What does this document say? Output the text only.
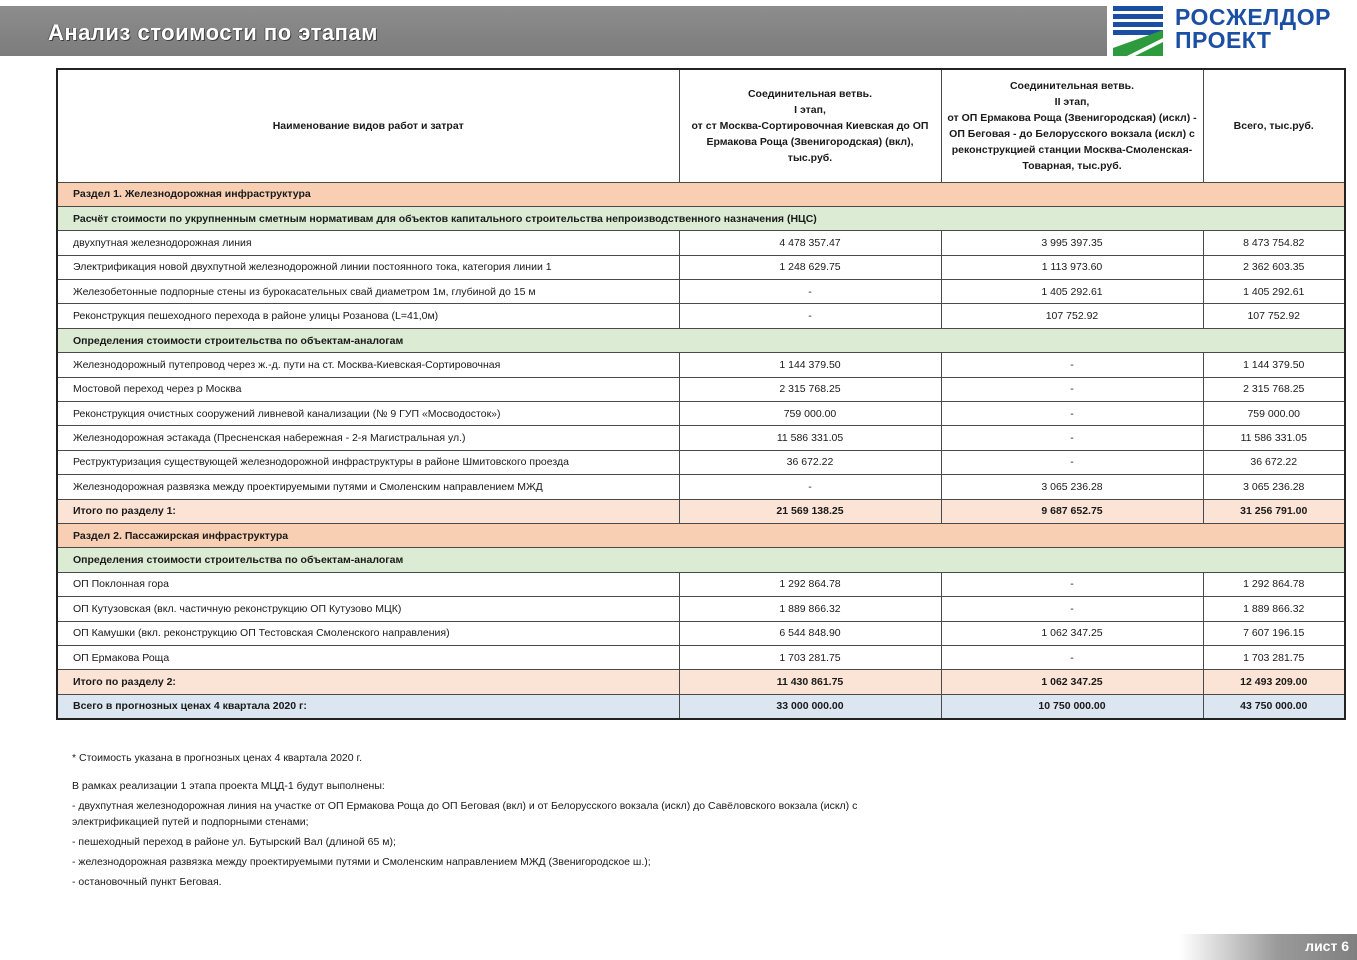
Анализ стоимости по этапам
РОСЖЕЛДОР
ПРОЕКТ
Наименование видов работ и затрат	Соединительная ветвь.
I этап,
от ст Москва-Сортировочная Киевская до ОП Ермакова Роща (Звенигородская) (вкл), тыс.руб.	Соединительная ветвь.
II этап,
от ОП Ермакова Роща (Звенигородская) (искл) - ОП Беговая - до Белорусского вокзала (искл) с реконструкцией станции Москва-Смоленская-Товарная, тыс.руб.	Всего, тыс.руб.
Раздел 1. Железнодорожная инфраструктура			
Расчёт стоимости по укрупненным сметным нормативам для объектов капитального строительства непроизводственного назначения (НЦС)			
двухпутная железнодорожная линия	4 478 357.47	3 995 397.35	8 473 754.82
Электрификация новой двухпутной железнодорожной линии постоянного тока, категория линии 1	1 248 629.75	1 113 973.60	2 362 603.35
Железобетонные подпорные стены из бурокасательных свай диаметром 1м, глубиной до 15 м	-	1 405 292.61	1 405 292.61
Реконструкция пешеходного перехода в районе улицы Розанова (L=41,0м)	-	107 752.92	107 752.92
Определения стоимости строительства по объектам-аналогам			
Железнодорожный путепровод через ж.-д. пути на ст. Москва-Киевская-Сортировочная	1 144 379.50	-	1 144 379.50
Мостовой переход через р Москва	2 315 768.25	-	2 315 768.25
Реконструкция очистных сооружений ливневой канализации (№ 9 ГУП «Мосводосток»)	759 000.00	-	759 000.00
Железнодорожная эстакада (Пресненская набережная - 2-я Магистральная ул.)	11 586 331.05	-	11 586 331.05
Реструктуризация существующей железнодорожной инфраструктуры в районе Шмитовского проезда	36 672.22	-	36 672.22
Железнодорожная развязка между проектируемыми путями и Смоленским направлением МЖД	-	3 065 236.28	3 065 236.28
Итого по разделу 1:	21 569 138.25	9 687 652.75	31 256 791.00
Раздел 2. Пассажирская инфраструктура			
Определения стоимости строительства по объектам-аналогам			
ОП Поклонная гора	1 292 864.78	-	1 292 864.78
ОП Кутузовская (вкл. частичную реконструкцию ОП Кутузово МЦК)	1 889 866.32	-	1 889 866.32
ОП Камушки (вкл. реконструкцию ОП Тестовская Смоленского направления)	6 544 848.90	1 062 347.25	7 607 196.15
ОП Ермакова Роща	1 703 281.75	-	1 703 281.75
Итого по разделу 2:	11 430 861.75	1 062 347.25	12 493 209.00
Всего в прогнозных ценах 4 квартала 2020 г:	33 000 000.00	10 750 000.00	43 750 000.00

* Стоимость указана в прогнозных ценах 4 квартала 2020 г.

В рамках реализации 1 этапа проекта МЦД-1 будут выполнены:

- двухпутная железнодорожная линия на участке от ОП Ермакова Роща до ОП Беговая (вкл) и от Белорусского вокзала (искл) до Савёловского вокзала (искл) с электрификацией путей и подпорными стенами;

- пешеходный переход в районе ул. Бутырский Вал (длиной 65 м);

- железнодорожная развязка между проектируемыми путями и Смоленским направлением МЖД (Звенигородское ш.);

- остановочный пункт Беговая.

лист 6
